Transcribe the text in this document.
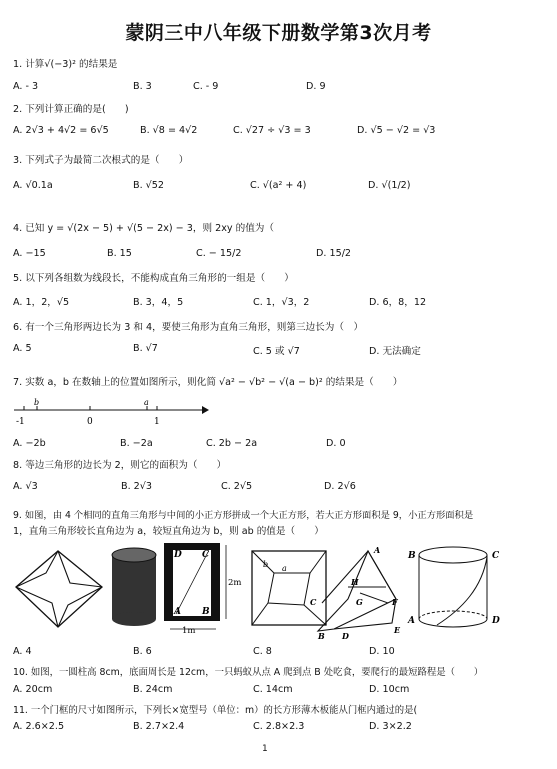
蒙阴三中八年级下册数学第3次月考
1. 计算√(−3)² 的结果是
A. - 3	B. 3	C. - 9	D. 9
2. 下列计算正确的是(　　)
A. 2√3 + 4√2 = 6√5	B. √8 = 4√2	C. √27 ÷ √3 = 3	D. √5 − √2 = √3
3. 下列式子为最简二次根式的是（　　）
A. √0.1a	B. √52	C. √(a² + 4)	D. √(1/2)
4. 已知 y = √(2x − 5) + √(5 − 2x) − 3，则 2xy 的值为（
A. −15	B. 15	C. − 15/2	D. 15/2
5. 以下列各组数为线段长，不能构成直角三角形的一组是（　　）
A. 1，2，√5	B. 3，4，5	C. 1，√3，2	D. 6，8，12
6. 有一个三角形两边长为 3 和 4，要使三角形为直角三角形，则第三边长为（　）
A. 5	B. √7	C. 5 或 √7	D. 无法确定
7. 实数 a，b 在数轴上的位置如图所示，则化简 √a² − √b² − √(a − b)² 的结果是（　　）
b	a
-1	0	1
A. −2b	B. −2a	C. 2b − 2a	D. 0
8. 等边三角形的边长为 2，则它的面积为（　　）
A. √3	B. 2√3	C. 2√5	D. 2√6
9. 如图，由 4 个相同的直角三角形与中间的小正方形拼成一个大正方形，若大正方形面积是 9，小正方形面积是
1，直角三角形较长直角边为 a，较短直角边为 b，则 ab 的值是（　　）
D C
A B
2m
1m
b a
A
H
G	F
C
B D
E
B	C
A	D
A. 4	B. 6	C. 8	D. 10
10. 如图，一圆柱高 8cm，底面周长是 12cm，一只蚂蚁从点 A 爬到点 B 处吃食，要爬行的最短路程是（　　）
A. 20cm	B. 24cm	C. 14cm	D. 10cm
11. 一个门框的尺寸如图所示，下列长×宽型号（单位：m）的长方形薄木板能从门框内通过的是(
A. 2.6×2.5	B. 2.7×2.4	C. 2.8×2.3	D. 3×2.2
1
